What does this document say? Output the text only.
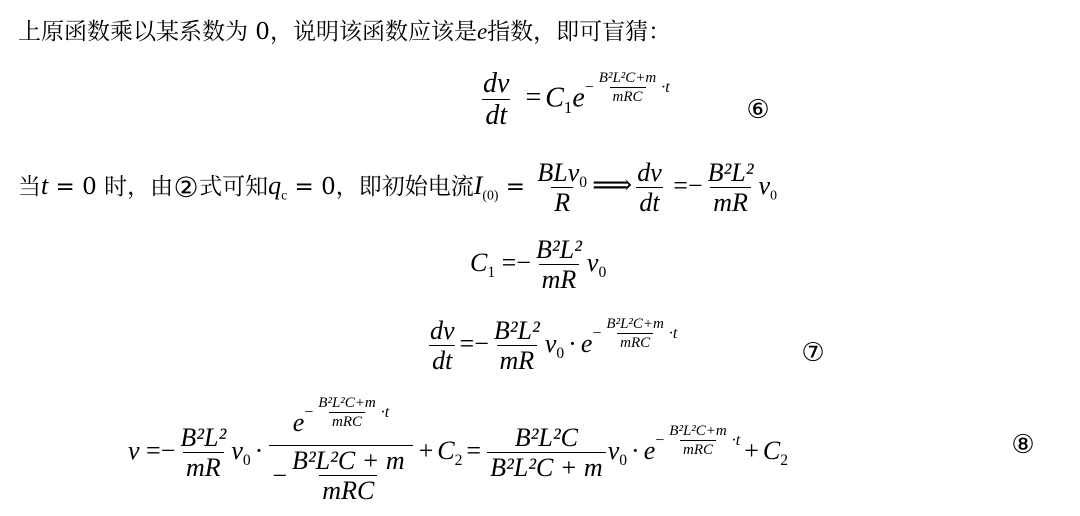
上原函数乘以某系数为 0，说明该函数应该是e指数，即可盲猜：
$\frac{dv}{dt} = C_1e - \frac{\text{B²L²C+m}}{\text{mRC}} \cdot t$
⑥
当t = 0 时，由②式可知$q_c = 0$，即初始电流$I_{(0)} = \frac{BLv_0}{R}$ ⟹ $\frac{dv}{dt} =- \frac{\text{B²L²}}{mR} v_0$
$C_1 =- \frac{\text{B²L²}}{mR} v_0$
$\frac{dv}{dt} =- \frac{\text{B²L²}}{mR} v_0 \cdot e - \frac{\text{B²L²C+m}}{\text{mRC}} \cdot t$
⑦
$v =- \frac{\text{B²L²}}{mR} v_0 \cdot \frac{e - \frac{\text{B²L²C+m}}{\text{mRC}} \cdot t}{- \frac{\text{B²L²C + m}}{\text{mRC}}} + C_2 = \frac{\text{B²L²C}}{\text{B²L²C + m}} v_0 \cdot e - \frac{\text{B²L²C+m}}{\text{mRC}} \cdot t + C_2$
⑧
